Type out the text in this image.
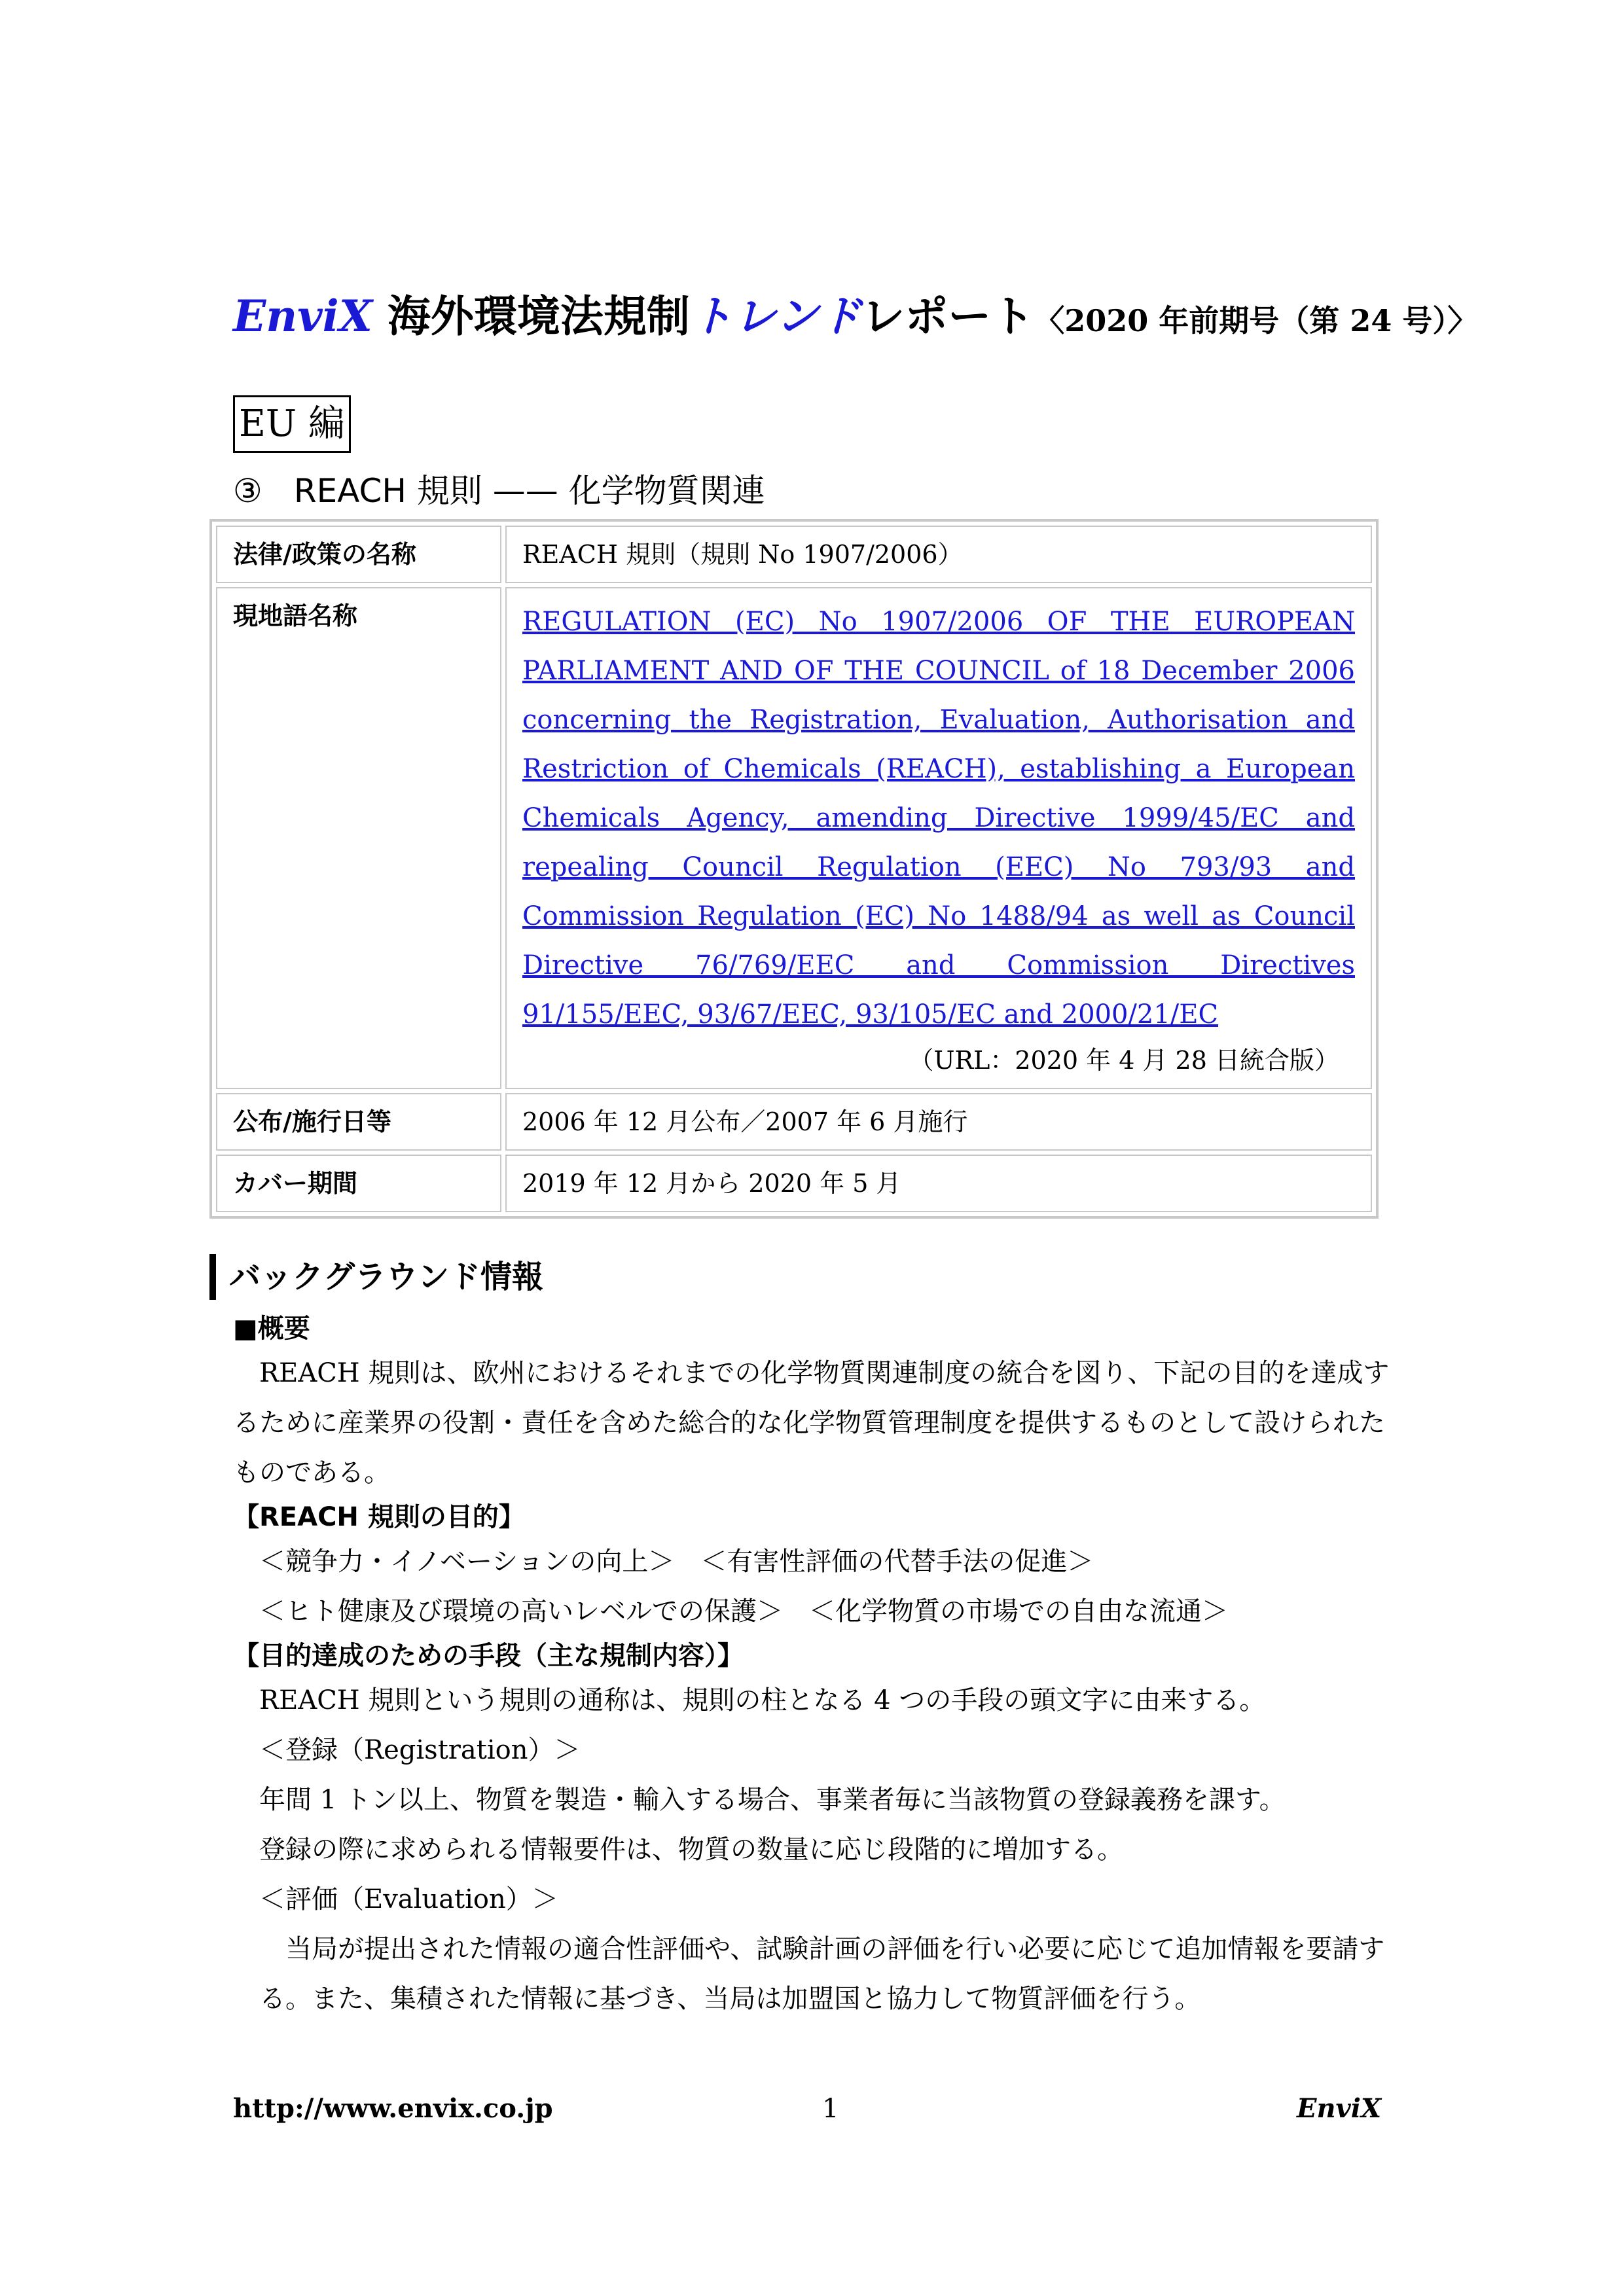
EnviX 海外環境法規制トレンドレポート〈2020 年前期号（第 24 号）〉
EU 編
③ REACH 規則 —— 化学物質関連
法律/政策の名称	REACH 規則（規則 No 1907/2006）
現地語名称	REGULATION (EC) No 1907/2006 OF THE EUROPEAN PARLIAMENT AND OF THE COUNCIL of 18 December 2006 concerning the Registration, Evaluation, Authorisation and Restriction of Chemicals (REACH), establishing a European Chemicals Agency, amending Directive 1999/45/EC and repealing Council Regulation (EEC) No 793/93 and Commission Regulation (EC) No 1488/94 as well as Council Directive 76/769/EEC and Commission Directives 91/155/EEC, 93/67/EEC, 93/105/EC and 2000/21/EC
（URL：2020 年 4 月 28 日統合版）

公布/施行日等	2006 年 12 月公布／2007 年 6 月施行
カバー期間	2019 年 12 月から 2020 年 5 月
バックグラウンド情報

■概要

REACH 規則は、欧州におけるそれまでの化学物質関連制度の統合を図り、下記の目的を達成するために産業界の役割・責任を含めた総合的な化学物質管理制度を提供するものとして設けられたものである。

【REACH 規則の目的】

＜競争力・イノベーションの向上＞　＜有害性評価の代替手法の促進＞

＜ヒト健康及び環境の高いレベルでの保護＞　＜化学物質の市場での自由な流通＞

【目的達成のための手段（主な規制内容）】

REACH 規則という規則の通称は、規則の柱となる 4 つの手段の頭文字に由来する。

＜登録（Registration）＞

年間 1 トン以上、物質を製造・輸入する場合、事業者毎に当該物質の登録義務を課す。

登録の際に求められる情報要件は、物質の数量に応じ段階的に増加する。

＜評価（Evaluation）＞

当局が提出された情報の適合性評価や、試験計画の評価を行い必要に応じて追加情報を要請する。また、集積された情報に基づき、当局は加盟国と協力して物質評価を行う。

http://www.envix.co.jp	1	EnviX
